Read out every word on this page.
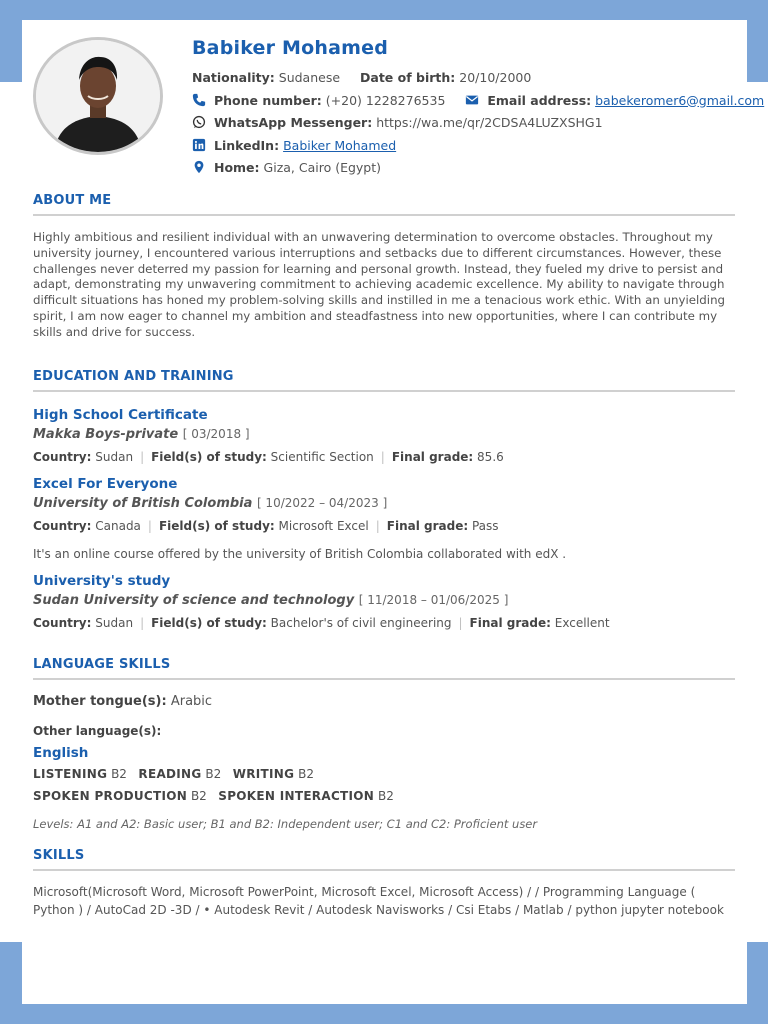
Babiker Mohamed
Nationality: Sudanese Date of birth: 20/10/2000
Phone number: (+20) 1228276535	Email address: babekeromer6@gmail.com
WhatsApp Messenger: https://wa.me/qr/2CDSA4LUZXSHG1
LinkedIn: Babiker Mohamed
Home: Giza, Cairo (Egypt)
ABOUT ME
Highly ambitious and resilient individual with an unwavering determination to overcome obstacles. Throughout my university journey, I encountered various interruptions and setbacks due to different circumstances. However, these challenges never deterred my passion for learning and personal growth. Instead, they fueled my drive to persist and adapt, demonstrating my unwavering commitment to achieving academic excellence. My ability to navigate through difficult situations has honed my problem-solving skills and instilled in me a tenacious work ethic. With an unyielding spirit, I am now eager to channel my ambition and steadfastness into new opportunities, where I can contribute my skills and drive for success.
EDUCATION AND TRAINING
High School Certificate
Makka Boys-private [ 03/2018 ]
Country: Sudan | Field(s) of study: Scientific Section | Final grade: 85.6
Excel For Everyone
University of British Colombia [ 10/2022 – 04/2023 ]
Country: Canada | Field(s) of study: Microsoft Excel | Final grade: Pass
It's an online course offered by the university of British Colombia collaborated with edX .
University's study
Sudan University of science and technology [ 11/2018 – 01/06/2025 ]
Country: Sudan | Field(s) of study: Bachelor's of civil engineering | Final grade: Excellent
LANGUAGE SKILLS
Mother tongue(s): Arabic
Other language(s):
English
LISTENING B2 READING B2 WRITING B2
SPOKEN PRODUCTION B2 SPOKEN INTERACTION B2
Levels: A1 and A2: Basic user; B1 and B2: Independent user; C1 and C2: Proficient user
SKILLS
Microsoft(Microsoft Word, Microsoft PowerPoint, Microsoft Excel, Microsoft Access) / / Programming Language ( Python ) / AutoCad 2D -3D / • Autodesk Revit / Autodesk Navisworks / Csi Etabs / Matlab / python jupyter notebook
